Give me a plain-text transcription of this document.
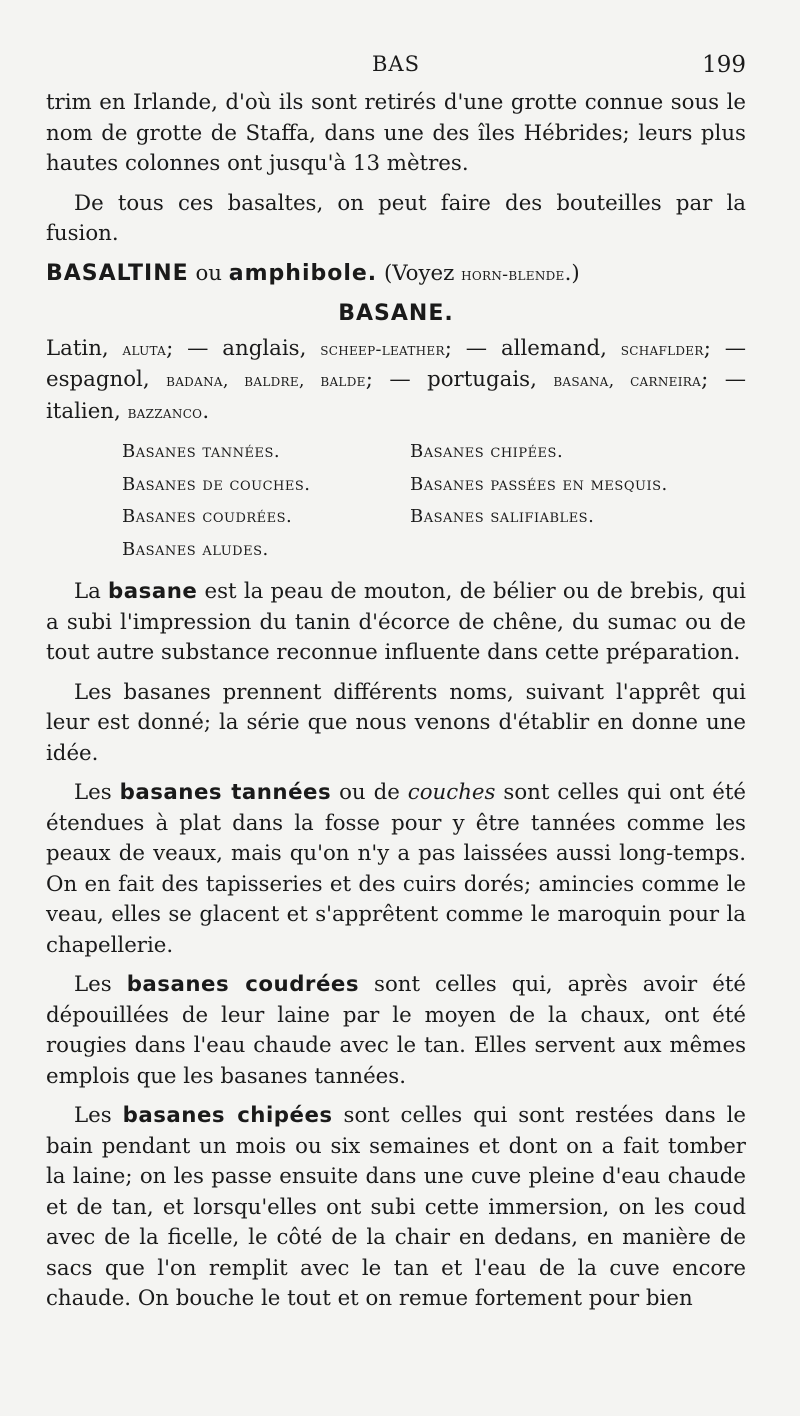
BAS	199

trim en Irlande, d'où ils sont retirés d'une grotte connue sous le nom de grotte de Staffa, dans une des îles Hébrides; leurs plus hautes colonnes ont jusqu'à 13 mètres.

De tous ces basaltes, on peut faire des bouteilles par la fusion.

BASALTINE ou amphibole. (Voyez horn-blende.)

BASANE.

Latin, aluta; — anglais, scheep-leather; — allemand, schaflder; — espagnol, badana, baldre, balde; — portugais, basana, carneira; — italien, bazzanco.

Basanes tannées.	Basanes chipées.
Basanes de couches.	Basanes passées en mesquis.
Basanes coudrées.	Basanes salifiables.
Basanes aludes.

La basane est la peau de mouton, de bélier ou de brebis, qui a subi l'impression du tanin d'écorce de chêne, du sumac ou de tout autre substance reconnue influente dans cette préparation.

Les basanes prennent différents noms, suivant l'apprêt qui leur est donné; la série que nous venons d'établir en donne une idée.

Les basanes tannées ou de couches sont celles qui ont été étendues à plat dans la fosse pour y être tannées comme les peaux de veaux, mais qu'on n'y a pas laissées aussi long-temps. On en fait des tapisseries et des cuirs dorés; amincies comme le veau, elles se glacent et s'apprêtent comme le maroquin pour la chapellerie.

Les basanes coudrées sont celles qui, après avoir été dépouillées de leur laine par le moyen de la chaux, ont été rougies dans l'eau chaude avec le tan. Elles servent aux mêmes emplois que les basanes tannées.

Les basanes chipées sont celles qui sont restées dans le bain pendant un mois ou six semaines et dont on a fait tomber la laine; on les passe ensuite dans une cuve pleine d'eau chaude et de tan, et lorsqu'elles ont subi cette immersion, on les coud avec de la ficelle, le côté de la chair en dedans, en manière de sacs que l'on remplit avec le tan et l'eau de la cuve encore chaude. On bouche le tout et on remue fortement pour bien
